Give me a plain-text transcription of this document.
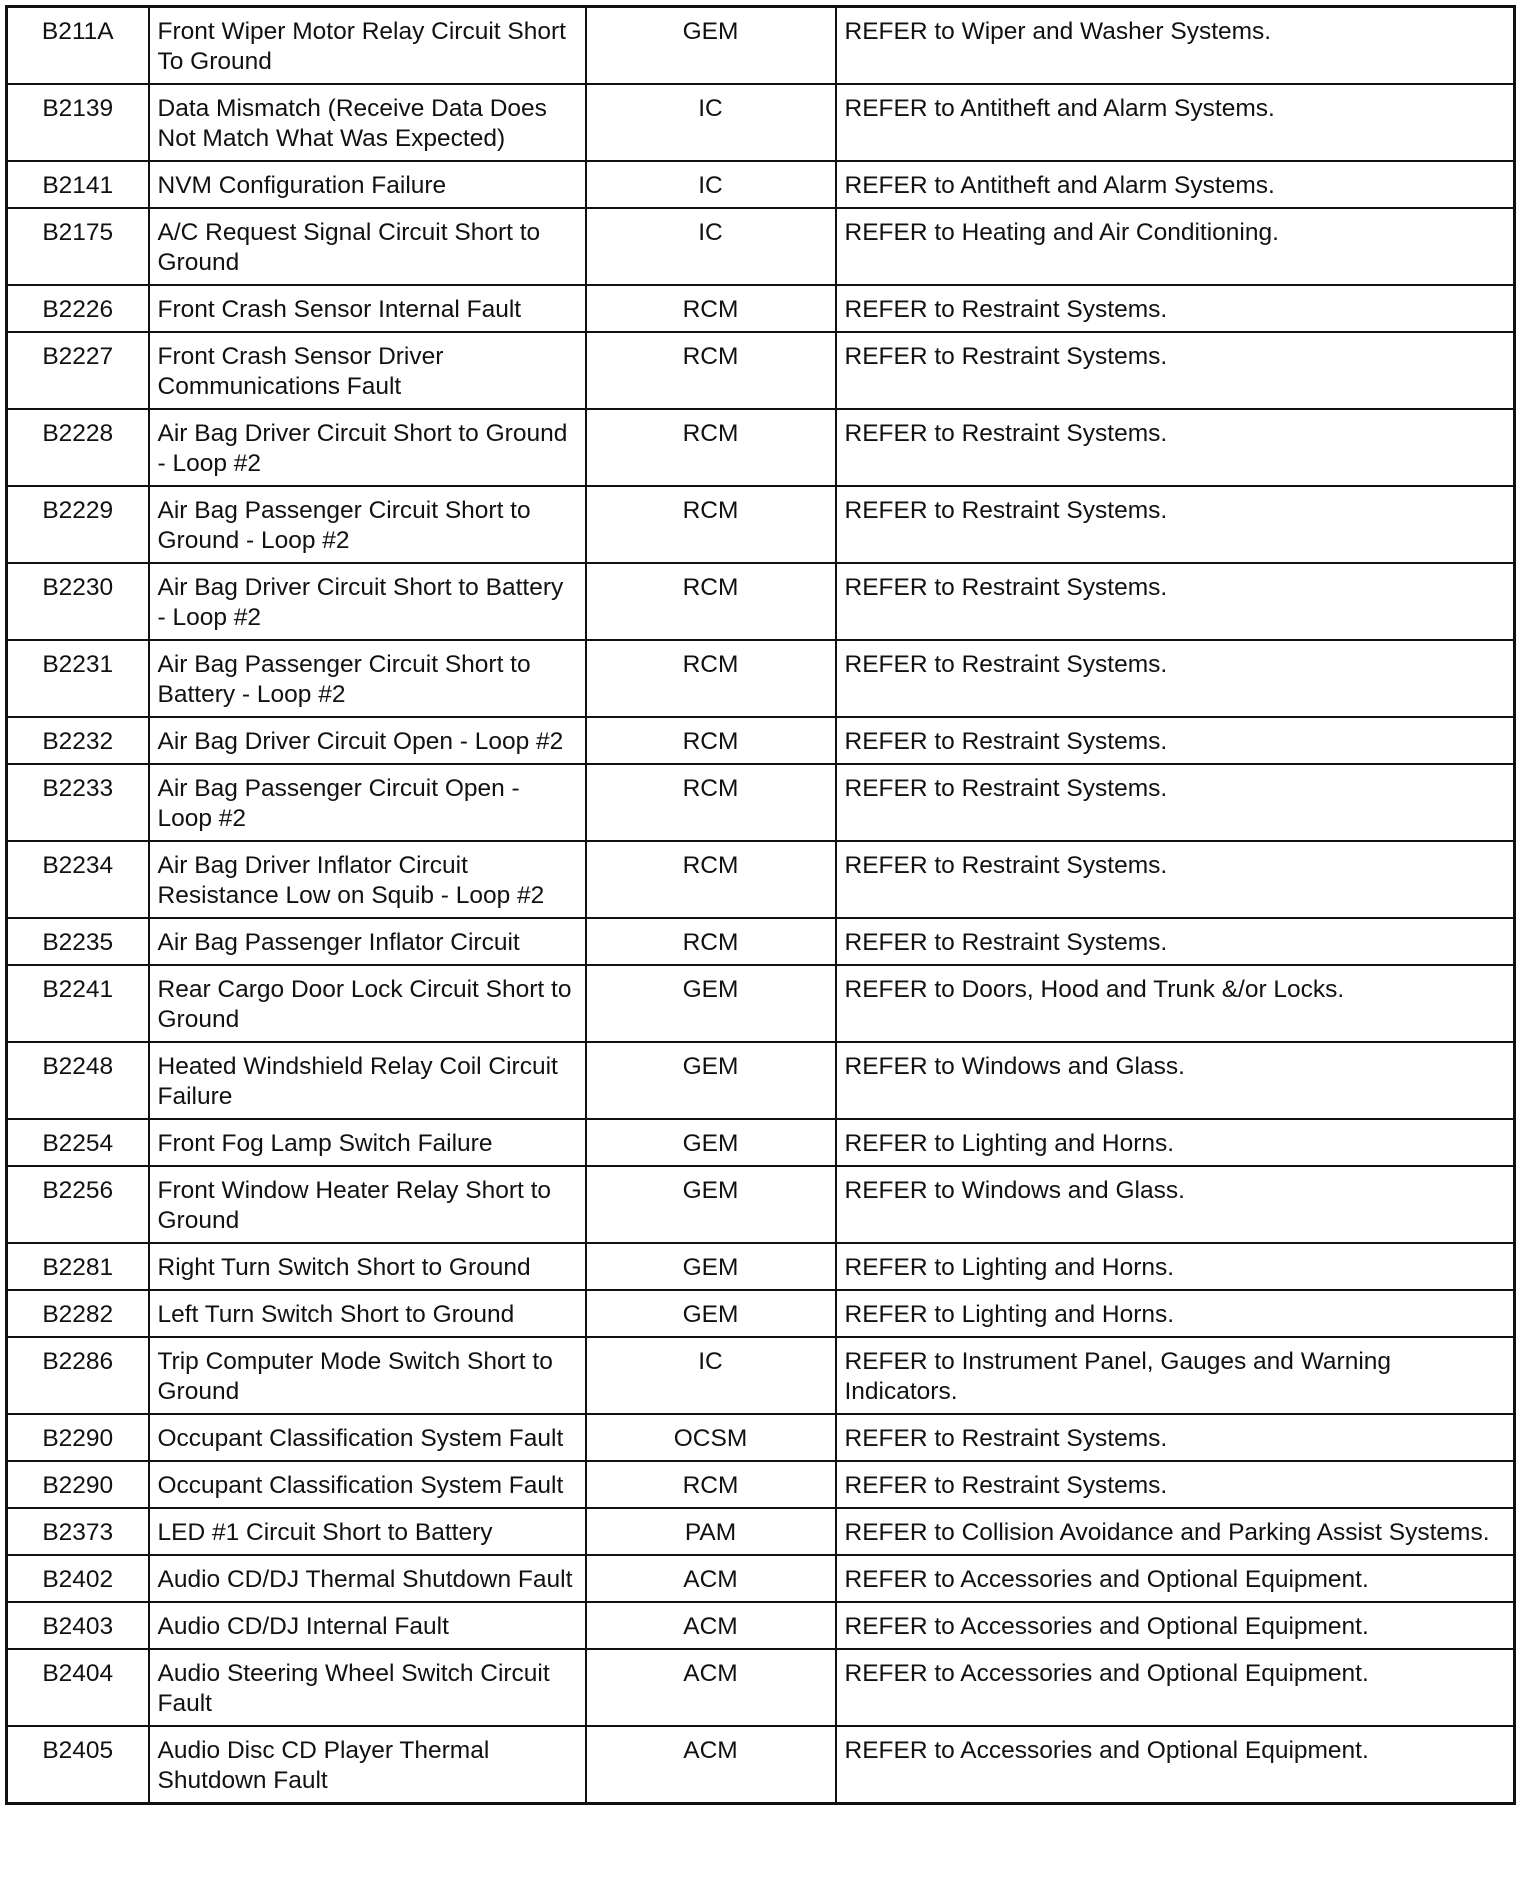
B211A	Front Wiper Motor Relay Circuit Short To Ground	GEM	REFER to Wiper and Washer Systems.
B2139	Data Mismatch (Receive Data Does Not Match What Was Expected)	IC	REFER to Antitheft and Alarm Systems.
B2141	NVM Configuration Failure	IC	REFER to Antitheft and Alarm Systems.
B2175	A/C Request Signal Circuit Short to Ground	IC	REFER to Heating and Air Conditioning.
B2226	Front Crash Sensor Internal Fault	RCM	REFER to Restraint Systems.
B2227	Front Crash Sensor Driver Communications Fault	RCM	REFER to Restraint Systems.
B2228	Air Bag Driver Circuit Short to Ground - Loop #2	RCM	REFER to Restraint Systems.
B2229	Air Bag Passenger Circuit Short to Ground - Loop #2	RCM	REFER to Restraint Systems.
B2230	Air Bag Driver Circuit Short to Battery - Loop #2	RCM	REFER to Restraint Systems.
B2231	Air Bag Passenger Circuit Short to Battery - Loop #2	RCM	REFER to Restraint Systems.
B2232	Air Bag Driver Circuit Open - Loop #2	RCM	REFER to Restraint Systems.
B2233	Air Bag Passenger Circuit Open - Loop #2	RCM	REFER to Restraint Systems.
B2234	Air Bag Driver Inflator Circuit Resistance Low on Squib - Loop #2	RCM	REFER to Restraint Systems.
B2235	Air Bag Passenger Inflator Circuit	RCM	REFER to Restraint Systems.
B2241	Rear Cargo Door Lock Circuit Short to Ground	GEM	REFER to Doors, Hood and Trunk &/or Locks.
B2248	Heated Windshield Relay Coil Circuit Failure	GEM	REFER to Windows and Glass.
B2254	Front Fog Lamp Switch Failure	GEM	REFER to Lighting and Horns.
B2256	Front Window Heater Relay Short to Ground	GEM	REFER to Windows and Glass.
B2281	Right Turn Switch Short to Ground	GEM	REFER to Lighting and Horns.
B2282	Left Turn Switch Short to Ground	GEM	REFER to Lighting and Horns.
B2286	Trip Computer Mode Switch Short to Ground	IC	REFER to Instrument Panel, Gauges and Warning Indicators.
B2290	Occupant Classification System Fault	OCSM	REFER to Restraint Systems.
B2290	Occupant Classification System Fault	RCM	REFER to Restraint Systems.
B2373	LED #1 Circuit Short to Battery	PAM	REFER to Collision Avoidance and Parking Assist Systems.
B2402	Audio CD/DJ Thermal Shutdown Fault	ACM	REFER to Accessories and Optional Equipment.
B2403	Audio CD/DJ Internal Fault	ACM	REFER to Accessories and Optional Equipment.
B2404	Audio Steering Wheel Switch Circuit Fault	ACM	REFER to Accessories and Optional Equipment.
B2405	Audio Disc CD Player Thermal Shutdown Fault	ACM	REFER to Accessories and Optional Equipment.
